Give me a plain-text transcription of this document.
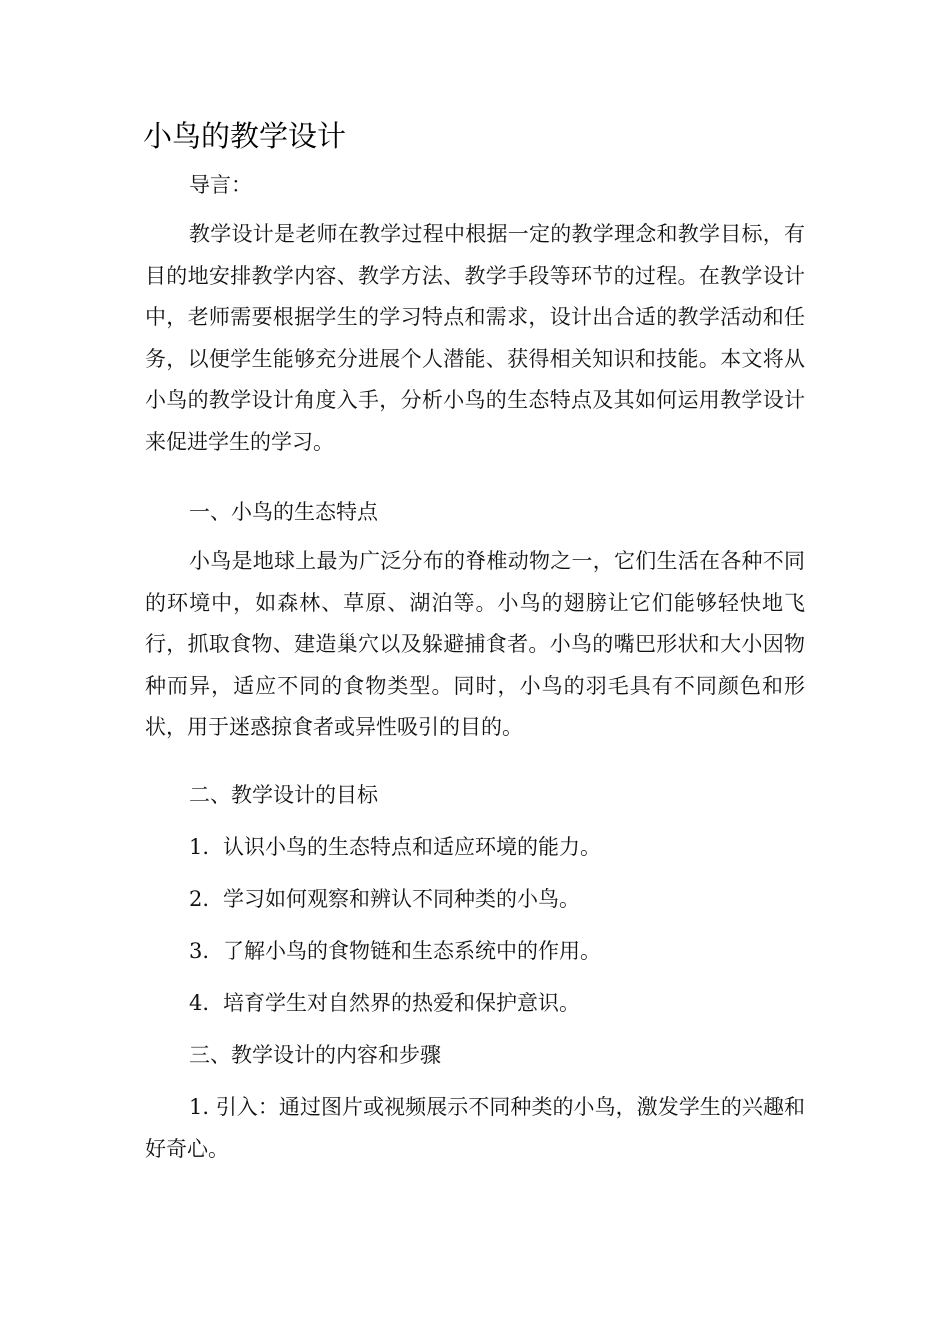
小鸟的教学设计

导言：

教学设计是老师在教学过程中根据一定的教学理念和教学目标，有目的地安排教学内容、教学方法、教学手段等环节的过程。在教学设计中，老师需要根据学生的学习特点和需求，设计出合适的教学活动和任务，以便学生能够充分进展个人潜能、获得相关知识和技能。本文将从小鸟的教学设计角度入手，分析小鸟的生态特点及其如何运用教学设计来促进学生的学习。

一、小鸟的生态特点

小鸟是地球上最为广泛分布的脊椎动物之一，它们生活在各种不同的环境中，如森林、草原、湖泊等。小鸟的翅膀让它们能够轻快地飞行，抓取食物、建造巢穴以及躲避捕食者。小鸟的嘴巴形状和大小因物种而异，适应不同的食物类型。同时，小鸟的羽毛具有不同颜色和形状，用于迷惑掠食者或异性吸引的目的。

二、教学设计的目标

1. 认识小鸟的生态特点和适应环境的能力。

2. 学习如何观察和辨认不同种类的小鸟。

3. 了解小鸟的食物链和生态系统中的作用。

4. 培育学生对自然界的热爱和保护意识。

三、教学设计的内容和步骤

1. 引入：通过图片或视频展示不同种类的小鸟，激发学生的兴趣和好奇心。
